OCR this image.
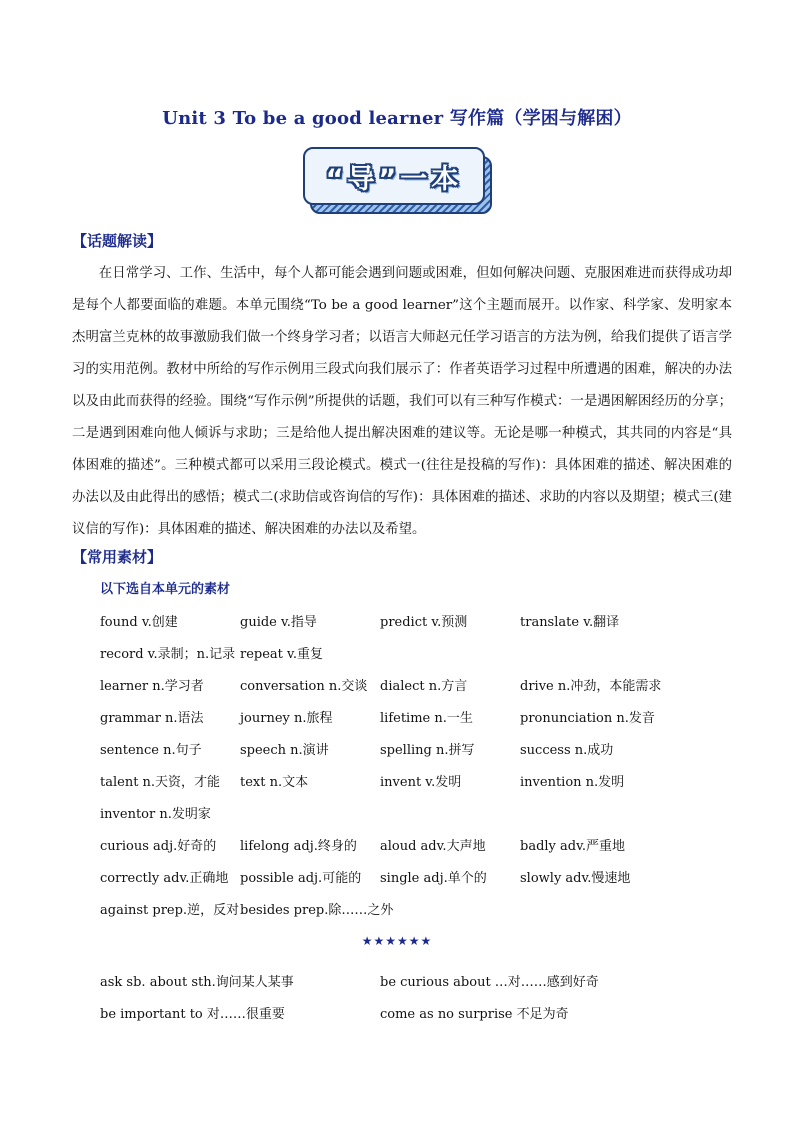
Unit 3 To be a good learner 写作篇（学困与解困）
“导”一本
【话题解读】

在日常学习、工作、生活中，每个人都可能会遇到问题或困难，但如何解决问题、克服困难进而获得成功却是每个人都要面临的难题。本单元围绕“To be a good learner”这个主题而展开。以作家、科学家、发明家本杰明富兰克林的故事激励我们做一个终身学习者；以语言大师赵元任学习语言的方法为例，给我们提供了语言学习的实用范例。教材中所给的写作示例用三段式向我们展示了：作者英语学习过程中所遭遇的困难，解决的办法以及由此而获得的经验。围绕“写作示例”所提供的话题，我们可以有三种写作模式：一是遇困解困经历的分享；二是遇到困难向他人倾诉与求助；三是给他人提出解决困难的建议等。无论是哪一种模式，其共同的内容是“具体困难的描述”。三种模式都可以采用三段论模式。模式一(往往是投稿的写作)：具体困难的描述、解决困难的办法以及由此得出的感悟；模式二(求助信或咨询信的写作)：具体困难的描述、求助的内容以及期望；模式三(建议信的写作)：具体困难的描述、解决困难的办法以及希望。

【常用素材】
以下选自本单元的素材
found v.创建	guide v.指导	predict v.预测	translate v.翻译
record v.录制；n.记录 repeat v.重复
learner n.学习者	conversation n.交谈 dialect n.方言	drive n.冲劲，本能需求
grammar n.语法	journey n.旅程	lifetime n.一生	pronunciation n.发音
sentence n.句子	speech n.演讲	spelling n.拼写	success n.成功
talent n.天资，才能	text n.文本	invent v.发明	invention n.发明
inventor n.发明家
curious adj.好奇的	lifelong adj.终身的	aloud adv.大声地	badly adv.严重地
correctly adv.正确地 possible adj.可能的	single adj.单个的	slowly adv.慢速地
against prep.逆，反对 besides prep.除……之外
★★★★★★
ask sb. about sth.询问某人某事	be curious about …对……感到好奇
be important to 对……很重要	come as no surprise 不足为奇
